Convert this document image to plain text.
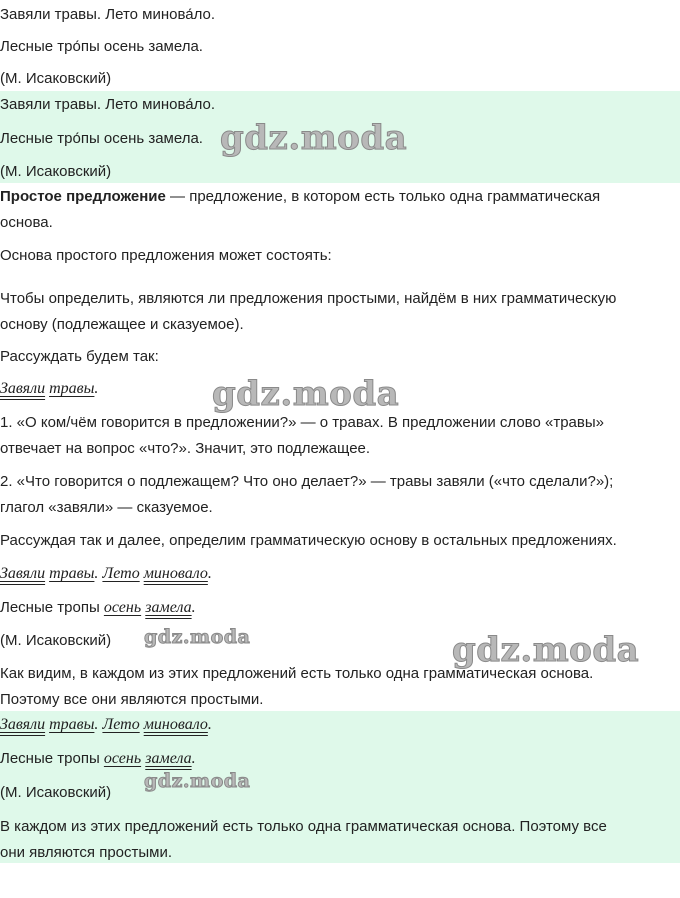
Завяли травы. Лето минова́ло.
Лесные тро́пы осень замела.
(М. Исаковский)
Завяли травы. Лето минова́ло.
Лесные тро́пы осень замела.
(М. Исаковский)
gdz.moda
Простое предложение — предложение, в котором есть только одна грамматическая
основа.
Основа простого предложения может состоять:
Чтобы определить, являются ли предложения простыми, найдём в них грамматическую
основу (подлежащее и сказуемое).
Рассуждать будем так:
Завяли травы.	gdz.moda
1. «О ком/чём говорится в предложении?» — о травах. В предложении слово «травы»
отвечает на вопрос «что?». Значит, это подлежащее.
2. «Что говорится о подлежащем? Что оно делает?» — травы завяли («что сделали?»);
глагол «завяли» — сказуемое.
Рассуждая так и далее, определим грамматическую основу в остальных предложениях.
Завяли травы. Лето миновало.
Лесные тропы осень замела.
(М. Исаковский) gdz.moda	gdz.moda
Как видим, в каждом из этих предложений есть только одна грамматическая основа.
Поэтому все они являются простыми.
Завяли травы. Лето миновало.
Лесные тропы осень замела.
(М. Исаковский)
gdz.moda
В каждом из этих предложений есть только одна грамматическая основа. Поэтому все
они являются простыми.
